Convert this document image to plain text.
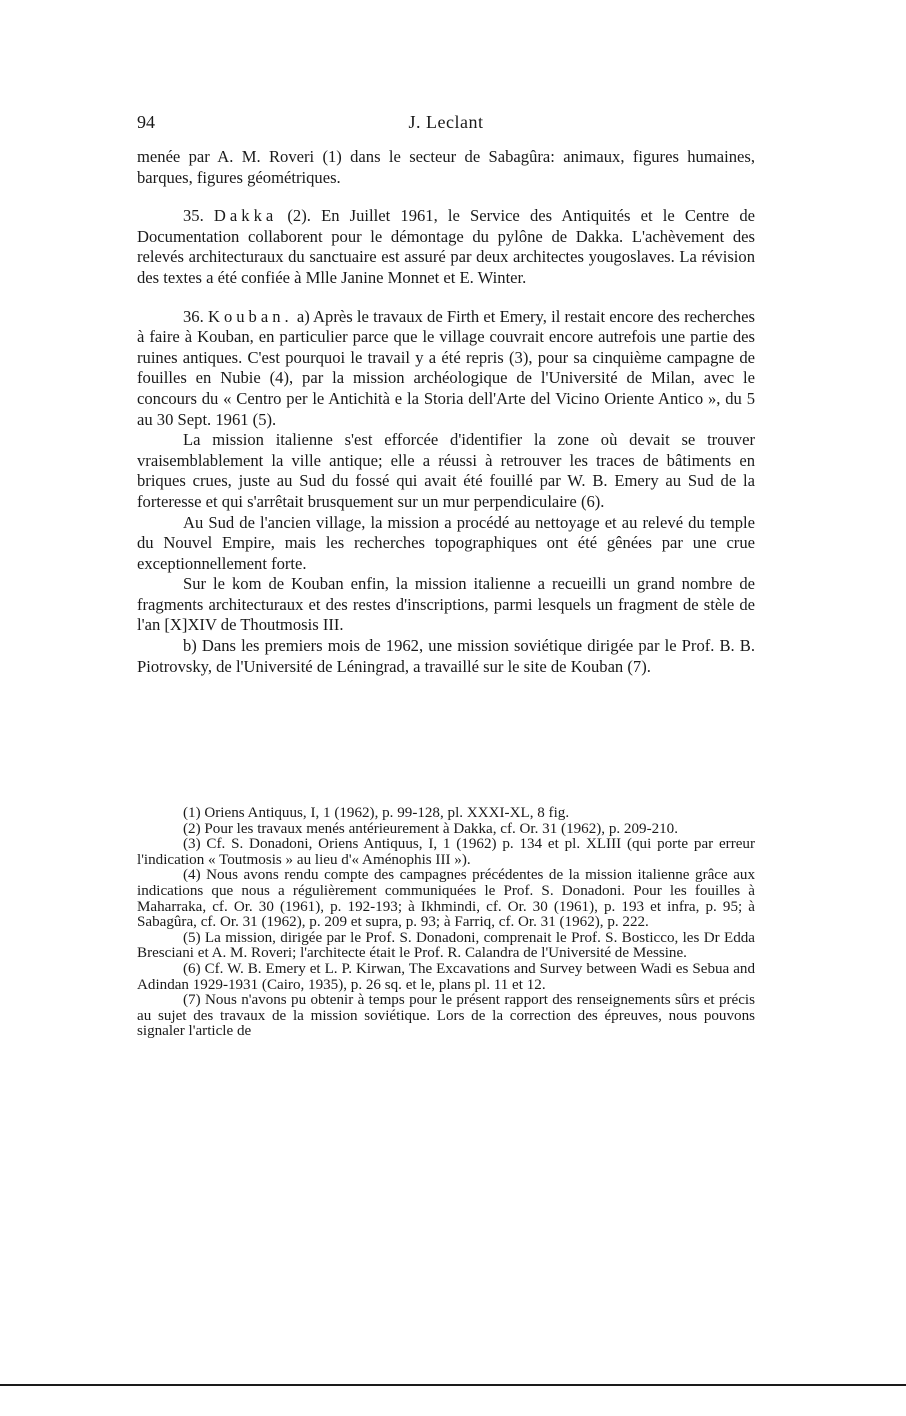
94	J. Leclant

menée par A. M. Roveri (1) dans le secteur de Sabagûra: animaux, figures humaines, barques, figures géométriques.

35. Dakka (2). En Juillet 1961, le Service des Antiquités et le Centre de Documentation collaborent pour le démontage du pylône de Dakka. L'achèvement des relevés architecturaux du sanctuaire est assuré par deux architectes yougoslaves. La révision des textes a été confiée à Mlle Janine Monnet et E. Winter.

36. Kouban. a) Après le travaux de Firth et Emery, il restait encore des recherches à faire à Kouban, en particulier parce que le village couvrait encore autrefois une partie des ruines antiques. C'est pourquoi le travail y a été repris (3), pour sa cinquième campagne de fouilles en Nubie (4), par la mission archéologique de l'Université de Milan, avec le concours du « Centro per le Antichità e la Storia dell'Arte del Vicino Oriente Antico », du 5 au 30 Sept. 1961 (5).

La mission italienne s'est efforcée d'identifier la zone où devait se trouver vraisemblablement la ville antique; elle a réussi à retrouver les traces de bâtiments en briques crues, juste au Sud du fossé qui avait été fouillé par W. B. Emery au Sud de la forteresse et qui s'arrêtait brusquement sur un mur perpendiculaire (6).

Au Sud de l'ancien village, la mission a procédé au nettoyage et au relevé du temple du Nouvel Empire, mais les recherches topographiques ont été gênées par une crue exceptionnellement forte.

Sur le kom de Kouban enfin, la mission italienne a recueilli un grand nombre de fragments architecturaux et des restes d'inscriptions, parmi lesquels un fragment de stèle de l'an [X]XIV de Thoutmosis III.

b) Dans les premiers mois de 1962, une mission soviétique dirigée par le Prof. B. B. Piotrovsky, de l'Université de Léningrad, a travaillé sur le site de Kouban (7).

(1) Oriens Antiquus, I, 1 (1962), p. 99-128, pl. XXXI-XL, 8 fig.

(2) Pour les travaux menés antérieurement à Dakka, cf. Or. 31 (1962), p. 209-210.

(3) Cf. S. Donadoni, Oriens Antiquus, I, 1 (1962) p. 134 et pl. XLIII (qui porte par erreur l'indication « Toutmosis » au lieu d'« Aménophis III »).

(4) Nous avons rendu compte des campagnes précédentes de la mission italienne grâce aux indications que nous a régulièrement communiquées le Prof. S. Donadoni. Pour les fouilles à Maharraka, cf. Or. 30 (1961), p. 192-193; à Ikhmindi, cf. Or. 30 (1961), p. 193 et infra, p. 95; à Sabagûra, cf. Or. 31 (1962), p. 209 et supra, p. 93; à Farriq, cf. Or. 31 (1962), p. 222.

(5) La mission, dirigée par le Prof. S. Donadoni, comprenait le Prof. S. Bosticco, les Dr Edda Bresciani et A. M. Roveri; l'architecte était le Prof. R. Calandra de l'Université de Messine.

(6) Cf. W. B. Emery et L. P. Kirwan, The Excavations and Survey between Wadi es Sebua and Adindan 1929-1931 (Cairo, 1935), p. 26 sq. et le, plans pl. 11 et 12.

(7) Nous n'avons pu obtenir à temps pour le présent rapport des renseignements sûrs et précis au sujet des travaux de la mission soviétique. Lors de la correction des épreuves, nous pouvons signaler l'article de
